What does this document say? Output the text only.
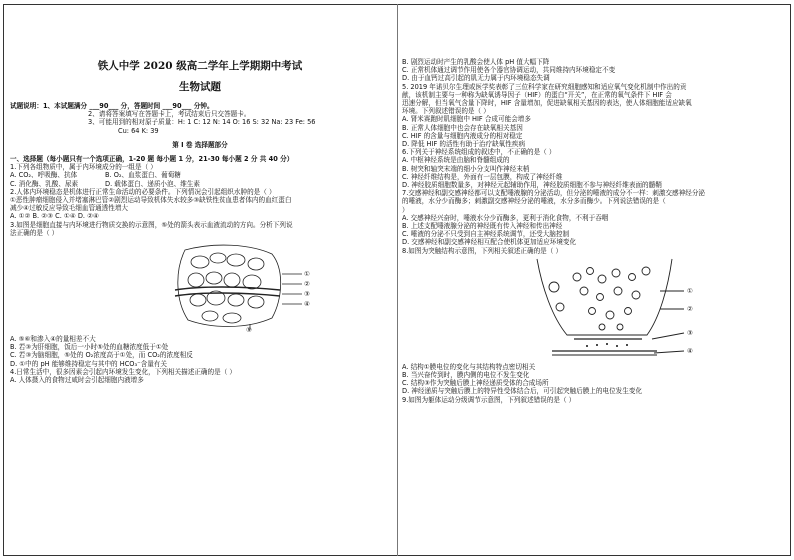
铁人中学 2020 级高二学年上学期期中考试
生物试题
试题说明：1、本试题满分 ___90___ 分，答题时间 ___90___ 分钟。
2、请将答案填写在答题卡上，考试结束后只交答题卡。
3、可能用到的相对原子质量：H: 1 C: 12 N: 14 O: 16 S: 32 Na: 23 Fe: 56
Cu: 64 K: 39
第 I 卷 选择题部分
一、选择题（每小题只有一个选项正确，1-20 题 每小题 1 分，21-30 每小题 2 分 共 40 分）
1.下列各组物质中，属于内环境成分的一组是（ ）
A. CO₂、呼吸酶、抗体	B. O₂、血浆蛋白、葡萄糖
C. 消化酶、乳酸、尿素	D. 载体蛋白、递质小泡、维生素
2.人体内环境稳态是机体进行正常生命活动的必要条件。下列情况会引起组织水肿的是（ ）
①恶性肿瘤细胞侵入并堵塞淋巴管②剧烈运动导致机体失水较多③缺铁性贫血患者体内的血红蛋白
减少④过敏反应导致毛细血管通透性增大
A. ①② B. ②③ C. ①④ D. ②④
3.如图是细胞直接与内环境进行物质交换的示意图，⑤处的箭头表示血液流动的方向。分析下列说
法正确的是（ ）
①
②
③
④
⑤
A. ⑤⑥和渗入④的量相差不大
B. 若③为肝细胞，饭后一小时⑤处的血糖浓度低于①处
C. 若③为脑细胞，⑤处的 O₂浓度高于①处，而 CO₂的浓度相反
D. ①中的 pH 能够维持稳定与其中的 HCO₃⁻含量有关
4.日常生活中，很多因素会引起内环境发生变化，下列相关描述正确的是（ ）
A. 人体摄入的食物过咸时会引起细胞内液增多
B. 剧烈运动时产生的乳酸会使人体 pH 值大幅下降
C. 正常机体通过调节作用使各个器官协调运动，共同维持内环境稳定不变
D. 由于血钙过高引起的肌无力属于内环境稳态失调
5. 2019 年诺贝尔生理或医学奖表彰了三位科学家在研究细胞感知和适应氧气变化机制中作出的贡
献，该机制主要与一种称为缺氧诱导因子（HIF）的蛋白“开关”，在正常的氧气条件下 HIF 会
迅速分解，但当氧气含量下降时，HIF 含量增加，促进缺氧相关基因的表达，使人体细胞能适应缺氧
环境。下列叙述错误的是（ ）
A. 肾米赛跑时肌细胞中 HIF 合成可能会增多
B. 正常人体细胞中也会存在缺氧相关基因
C. HIF 的含量与细胞内液成分的相对稳定
D. 降低 HIF 的活性有助于治疗缺氧性疾病
6.下列关于神经系统组成的叙述中，不正确的是（ ）
A. 中枢神经系统是由脑和脊髓组成的
B. 树突和轴突末端的细小分支叫作神经末梢
C. 神经纤维结构是，外面有一层包膜，构成了神经纤维
D. 神经胶质细胞数量多，对神经元起辅助作用，神经胶质细胞不参与神经纤维表面的髓鞘
7.交感神经和副交感神经都可以支配唾液腺的分泌活动，但分泌的唾液的成分不一样：刺激交感神经分泌
的唾液，水分少而酶多；刺激副交感神经分泌的唾液，水分多而酶少。下列说法错误的是（
）
A. 交感神经兴奋时，唾液水分少而酶多，更利于消化食物，不利于吞咽
B. 上述支配唾液腺分泌的神经既有传入神经和传出神经
C. 唾液的分泌不只受到自主神经系统调节，还受大脑控制
D. 交感神经和副交感神经相互配合使机体更加适应环境变化
8.如图为突触结构示意图，下列相关叙述正确的是（ ）
①
②
③
④
A. 结构①膜电位的变化与其结构特点密切相关
B. 当兴奋传到时，膜内侧的电位不发生变化
C. 结构③作为突触后膜上神经递质受体的合成场所
D. 神经递质与突触后膜上的特异性受体结合后，可引起突触后膜上的电位发生变化
9.如图为躯体运动分级调节示意图，下列叙述错误的是（ ）
